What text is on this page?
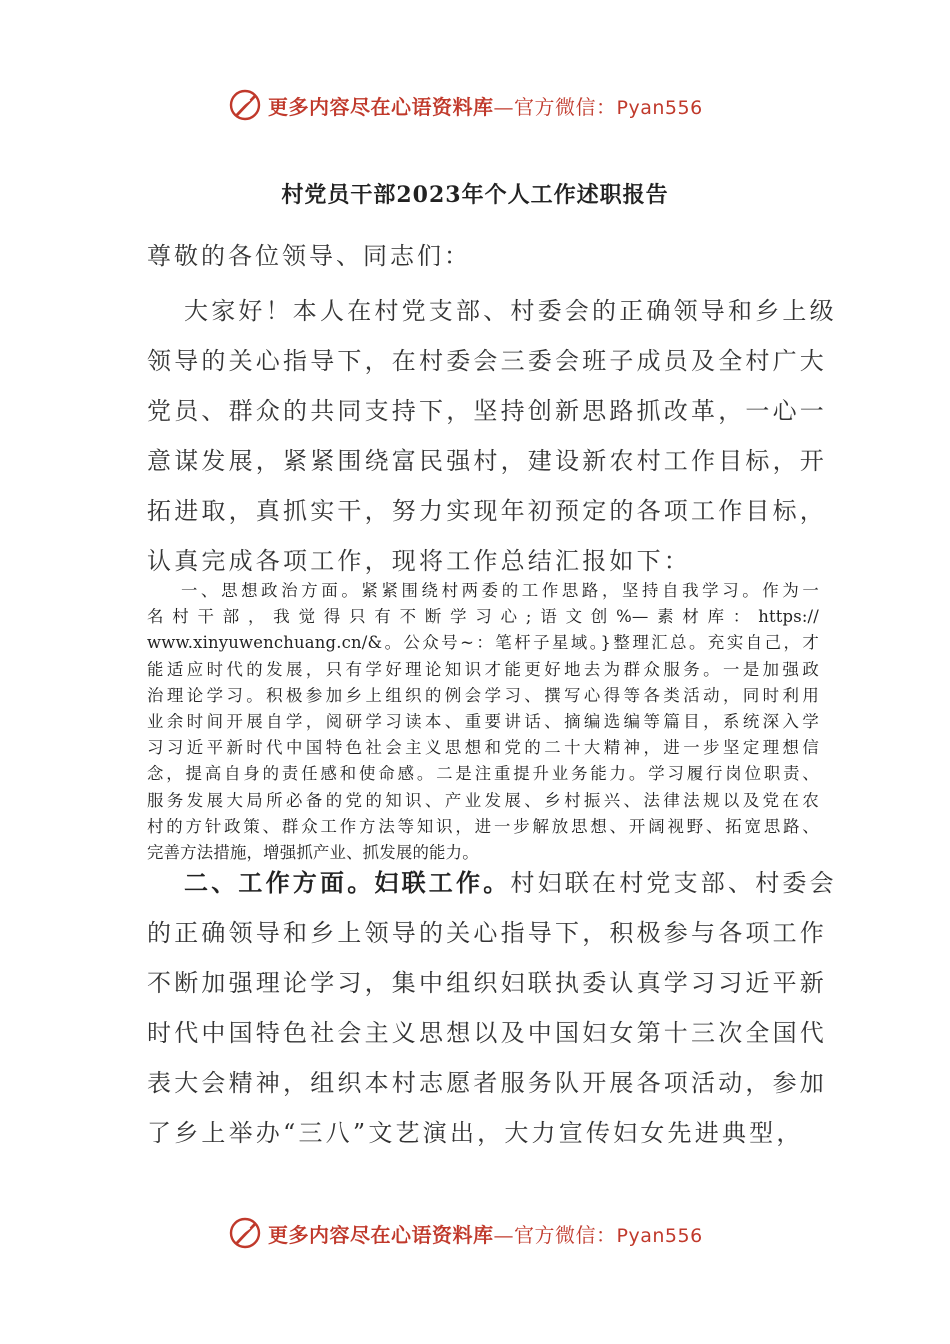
更多内容尽在心语资料库—官方微信：Pyan556
村党员干部2023年个人工作述职报告
尊敬的各位领导、同志们：
大家好！本人在村党支部、村委会的正确领导和乡上级
领导的关心指导下，在村委会三委会班子成员及全村广大
党员、群众的共同支持下，坚持创新思路抓改革，一心一
意谋发展，紧紧围绕富民强村，建设新农村工作目标，开
拓进取，真抓实干，努力实现年初预定的各项工作目标，
认真完成各项工作，现将工作总结汇报如下：
一、思想政治方面。紧紧围绕村两委的工作思路，坚持自我学习。作为一
名村干部，我觉得只有不断学习心;语文创%—素材库：https://
www.xinyuwenchuang.cn/&。公众号~：笔杆子星域。}整理汇总。充实自己，才
能适应时代的发展，只有学好理论知识才能更好地去为群众服务。一是加强政
治理论学习。积极参加乡上组织的例会学习、撰写心得等各类活动，同时利用
业余时间开展自学，阅研学习读本、重要讲话、摘编选编等篇目，系统深入学
习习近平新时代中国特色社会主义思想和党的二十大精神，进一步坚定理想信
念，提高自身的责任感和使命感。二是注重提升业务能力。学习履行岗位职责、
服务发展大局所必备的党的知识、产业发展、乡村振兴、法律法规以及党在农
村的方针政策、群众工作方法等知识，进一步解放思想、开阔视野、拓宽思路、
完善方法措施，增强抓产业、抓发展的能力。
二、工作方面。妇联工作。村妇联在村党支部、村委会
的正确领导和乡上领导的关心指导下，积极参与各项工作
不断加强理论学习，集中组织妇联执委认真学习习近平新
时代中国特色社会主义思想以及中国妇女第十三次全国代
表大会精神，组织本村志愿者服务队开展各项活动，参加
了乡上举办“三八”文艺演出，大力宣传妇女先进典型，
更多内容尽在心语资料库—官方微信：Pyan556
